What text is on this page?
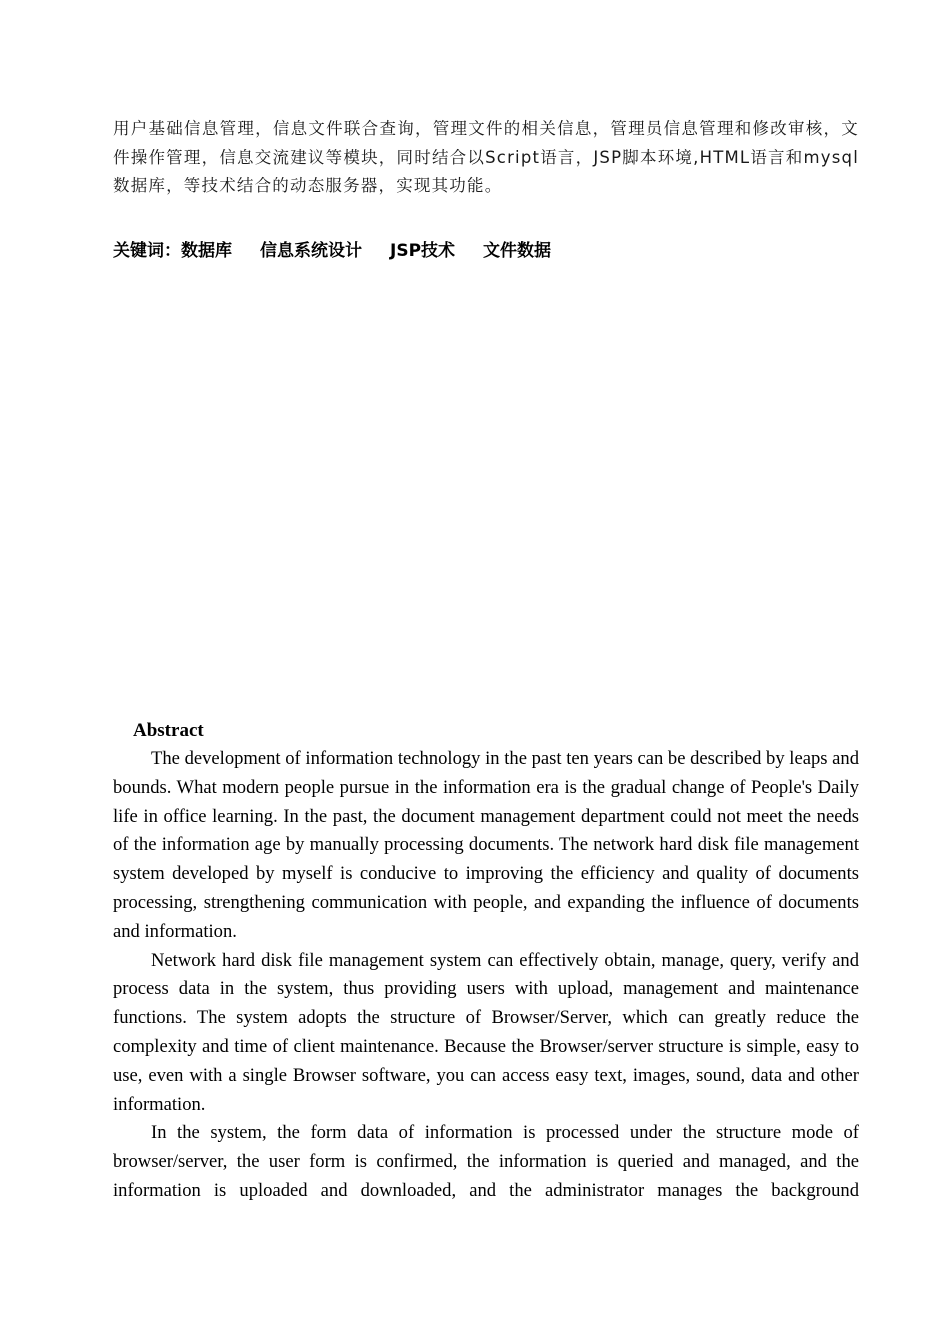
用户基础信息管理，信息文件联合查询，管理文件的相关信息，管理员信息管理和修改审核，文件操作管理，信息交流建议等模块，同时结合以Script语言，JSP脚本环境,HTML语言和mysql数据库，等技术结合的动态服务器，实现其功能。

关键词：数据库 信息系统设计 JSP技术 文件数据

Abstract

The development of information technology in the past ten years can be described by leaps and bounds. What modern people pursue in the information era is the gradual change of People's Daily life in office learning. In the past, the document management department could not meet the needs of the information age by manually processing documents. The network hard disk file management system developed by myself is conducive to improving the efficiency and quality of documents processing, strengthening communication with people, and expanding the influence of documents and information.

Network hard disk file management system can effectively obtain, manage, query, verify and process data in the system, thus providing users with upload, management and maintenance functions. The system adopts the structure of Browser/Server, which can greatly reduce the complexity and time of client maintenance. Because the Browser/server structure is simple, easy to use, even with a single Browser software, you can access easy text, images, sound, data and other information.

In the system, the form data of information is processed under the structure mode of browser/server, the user form is confirmed, the information is queried and managed, and the information is uploaded and downloaded, and the administrator manages the background
